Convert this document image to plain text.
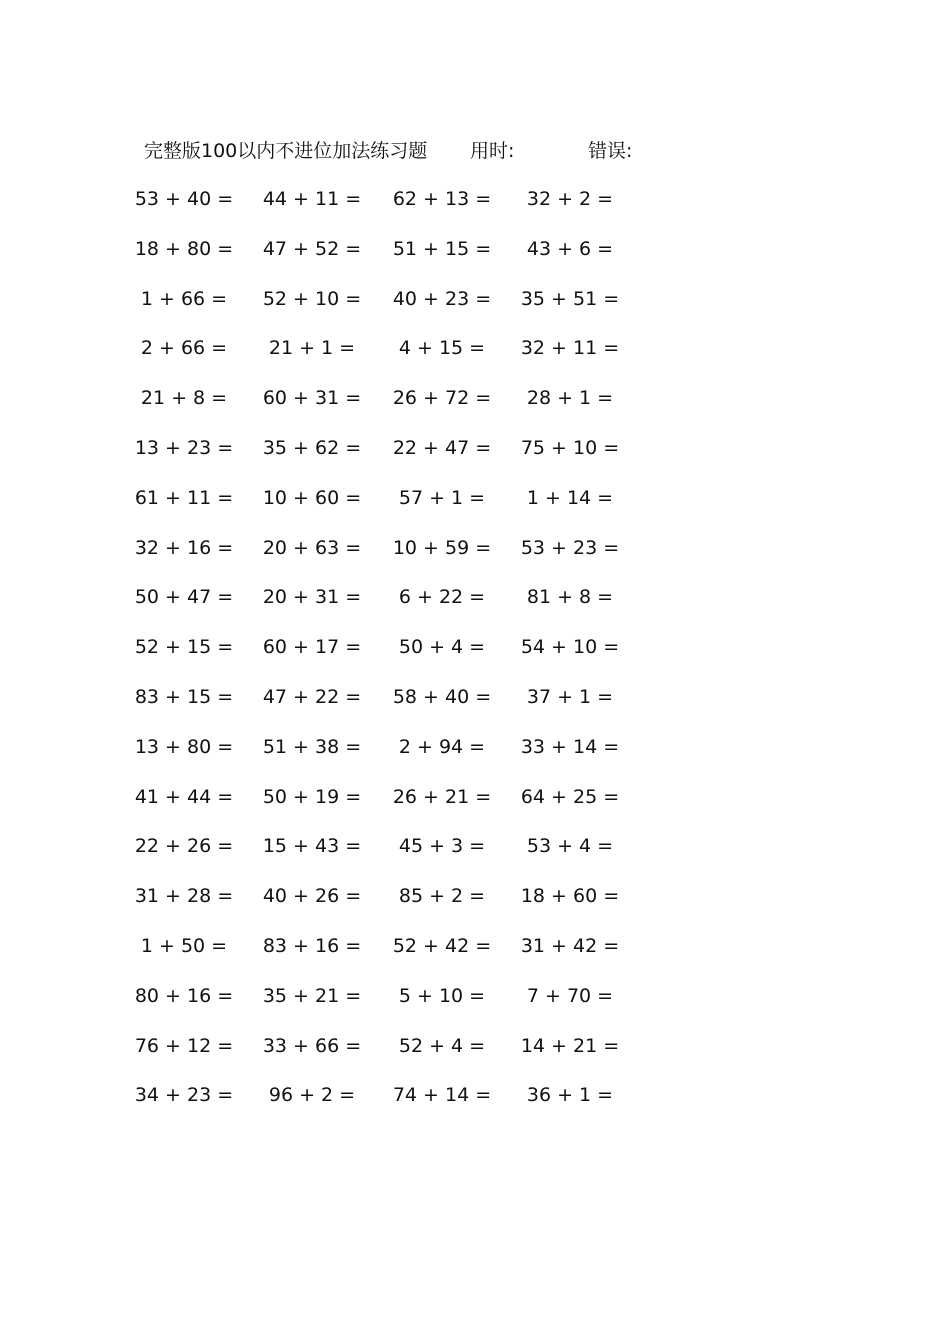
完整版100以内不进位加法练习题 用时:	错误:
53 + 40 =	44 + 11 =	62 + 13 =	32 + 2 =
18 + 80 =	47 + 52 =	51 + 15 =	43 + 6 =
1 + 66 =	52 + 10 =	40 + 23 =	35 + 51 =
2 + 66 =	21 + 1 =	4 + 15 =	32 + 11 =
21 + 8 =	60 + 31 =	26 + 72 =	28 + 1 =
13 + 23 =	35 + 62 =	22 + 47 =	75 + 10 =
61 + 11 =	10 + 60 =	57 + 1 =	1 + 14 =
32 + 16 =	20 + 63 =	10 + 59 =	53 + 23 =
50 + 47 =	20 + 31 =	6 + 22 =	81 + 8 =
52 + 15 =	60 + 17 =	50 + 4 =	54 + 10 =
83 + 15 =	47 + 22 =	58 + 40 =	37 + 1 =
13 + 80 =	51 + 38 =	2 + 94 =	33 + 14 =
41 + 44 =	50 + 19 =	26 + 21 =	64 + 25 =
22 + 26 =	15 + 43 =	45 + 3 =	53 + 4 =
31 + 28 =	40 + 26 =	85 + 2 =	18 + 60 =
1 + 50 =	83 + 16 =	52 + 42 =	31 + 42 =
80 + 16 =	35 + 21 =	5 + 10 =	7 + 70 =
76 + 12 =	33 + 66 =	52 + 4 =	14 + 21 =
34 + 23 =	96 + 2 =	74 + 14 =	36 + 1 =
